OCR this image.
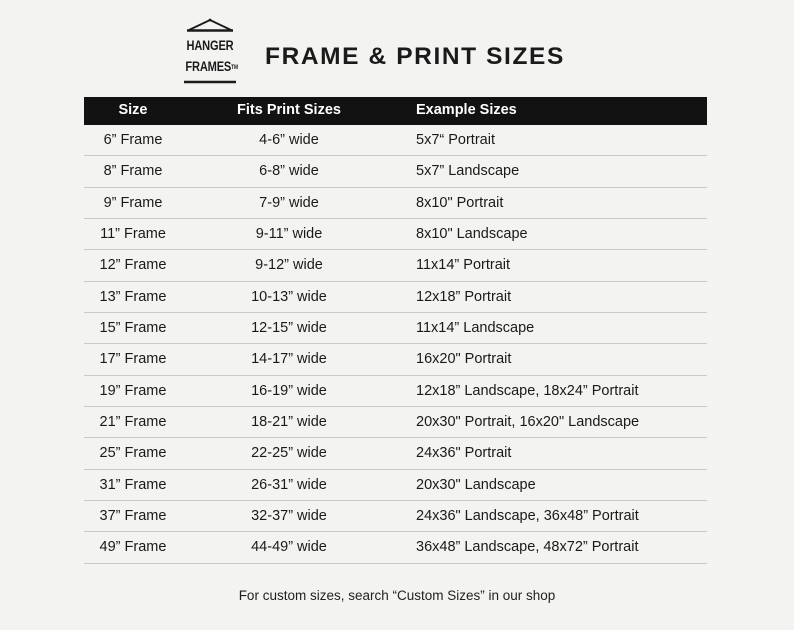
HANGER
FRAMES™ FRAME & PRINT SIZES
Size	Fits Print Sizes	Example Sizes
6” Frame	4-6” wide	5x7“ Portrait
8” Frame	6-8” wide	5x7” Landscape
9” Frame	7-9” wide	8x10" Portrait
11” Frame	9-11” wide	8x10" Landscape
12” Frame	9-12” wide	11x14” Portrait
13” Frame	10-13” wide	12x18” Portrait
15” Frame	12-15” wide	11x14” Landscape
17” Frame	14-17” wide	16x20" Portrait
19” Frame	16-19” wide	12x18” Landscape, 18x24” Portrait
21” Frame	18-21” wide	20x30" Portrait, 16x20" Landscape
25” Frame	22-25” wide	24x36" Portrait
31” Frame	26-31” wide	20x30" Landscape
37” Frame	32-37” wide	24x36" Landscape, 36x48” Portrait
49” Frame	44-49” wide	36x48” Landscape, 48x72” Portrait
For custom sizes, search “Custom Sizes” in our shop
